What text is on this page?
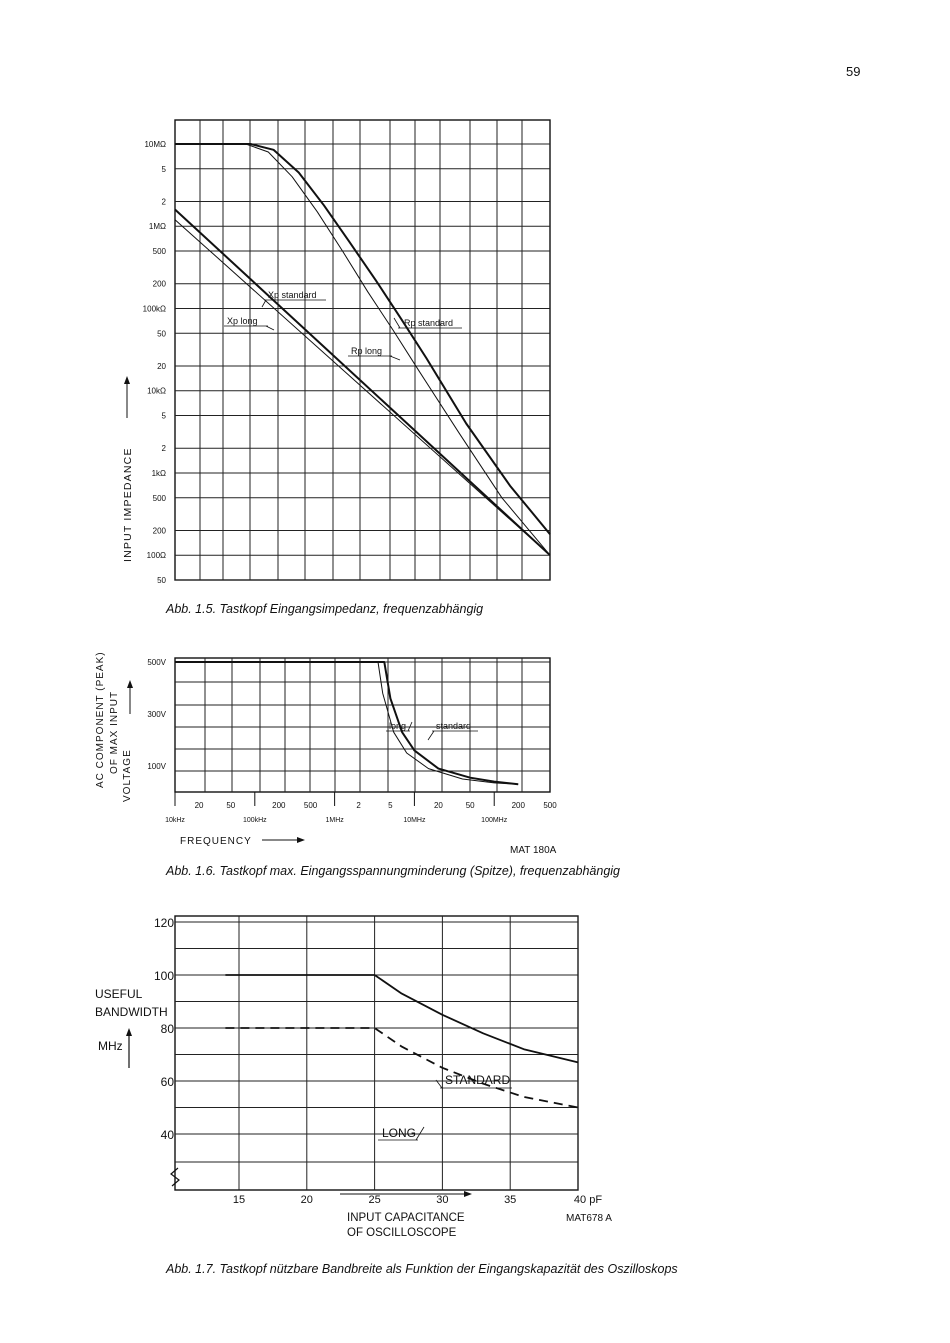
59
10MΩ
5
2
1MΩ
500
200
100kΩ
50
20
10kΩ
5
2
1kΩ
500
200
100Ω
50
INPUT IMPEDANCE
Xp standard
Xp long	Rp standard
Rp long
Abb. 1.5. Tastkopf Eingangsimpedanz, frequenzabhängig
500V
300V
100V
20	50	200 500	2	5	20	50	200 500
10kHz	100kHz	1MHz	10MHz	100MHz
AC COMPONENT (PEAK) OF MAX INPUT
VOLTAGE
FREQUENCY
MAT 180A
long	standard
Abb. 1.6. Tastkopf max. Eingangsspannungminderung (Spitze), frequenzabhängig
120
100
80
60
40
15	20	25	30	35	40 pF
USEFUL
BANDWIDTH
MHz
INPUT CAPACITANCE
OF OSCILLOSCOPE
MAT678 A
STANDARD
LONG
Abb. 1.7. Tastkopf nützbare Bandbreite als Funktion der Eingangskapazität des Oszilloskops
